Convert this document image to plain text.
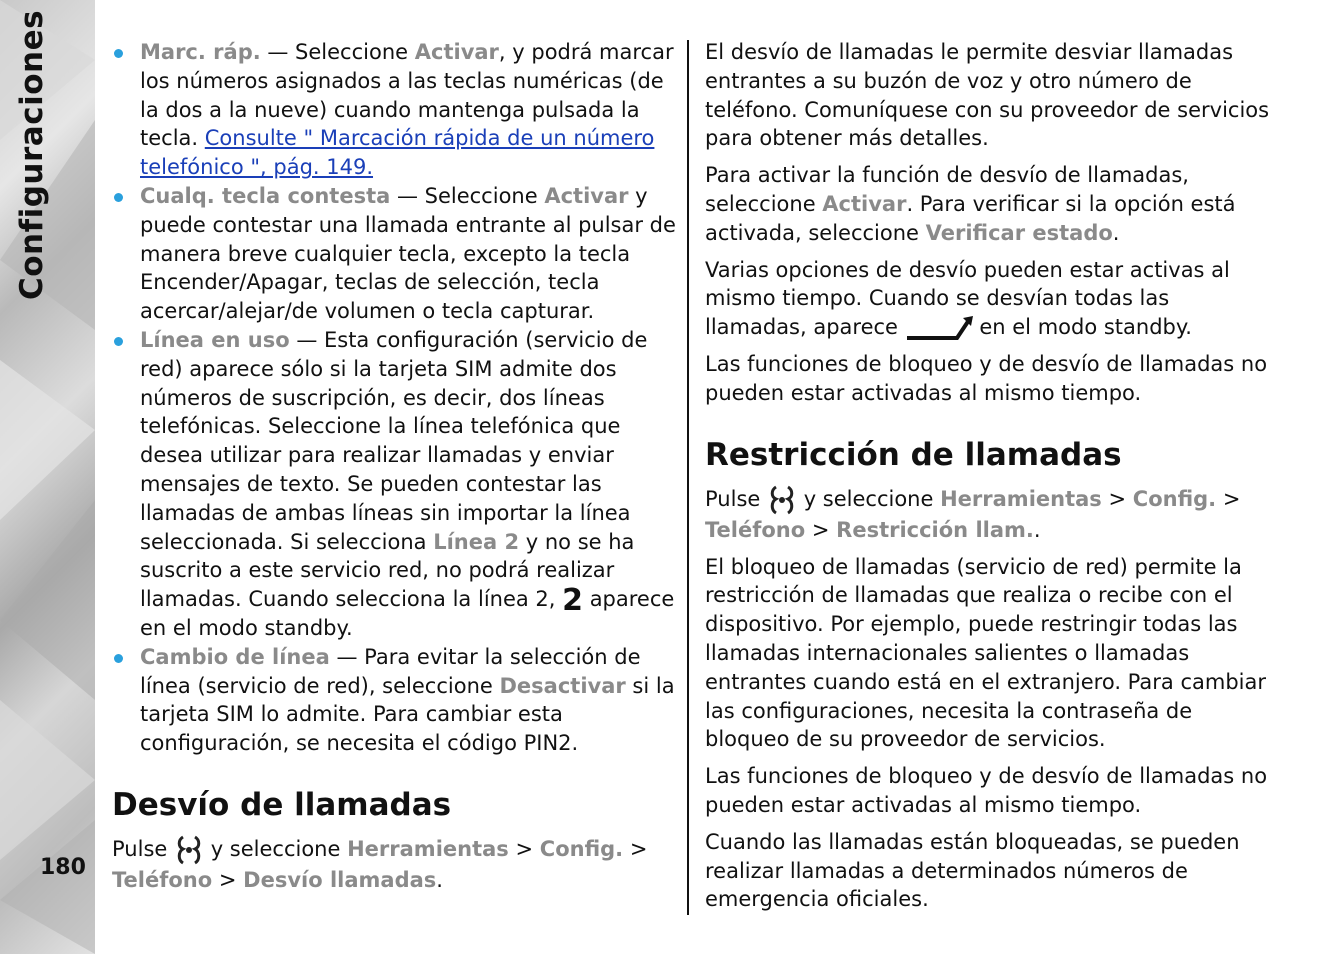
Configuraciones
180
Marc. ráp. — Seleccione Activar, y podrá marcar los números asignados a las teclas numéricas (de la dos a la nueve) cuando mantenga pulsada la tecla. Consulte " Marcación rápida de un número telefónico ", pág. 149.
Cualq. tecla contesta — Seleccione Activar y puede contestar una llamada entrante al pulsar de manera breve cualquier tecla, excepto la tecla Encender/Apagar, teclas de selección, tecla acercar/alejar/de volumen o tecla capturar.
Línea en uso — Esta configuración (servicio de red) aparece sólo si la tarjeta SIM admite dos números de suscripción, es decir, dos líneas telefónicas. Seleccione la línea telefónica que desea utilizar para realizar llamadas y enviar mensajes de texto. Se pueden contestar las llamadas de ambas líneas sin importar la línea seleccionada. Si selecciona Línea 2 y no se ha suscrito a este servicio red, no podrá realizar llamadas. Cuando selecciona la línea 2, 2 aparece en el modo standby.
Cambio de línea — Para evitar la selección de línea (servicio de red), seleccione Desactivar si la tarjeta SIM lo admite. Para cambiar esta configuración, se necesita el código PIN2.
Desvío de llamadas

Pulse y seleccione Herramientas > Config. > Teléfono > Desvío llamadas.

El desvío de llamadas le permite desviar llamadas entrantes a su buzón de voz y otro número de teléfono. Comuníquese con su proveedor de servicios para obtener más detalles.

Para activar la función de desvío de llamadas, seleccione Activar. Para verificar si la opción está activada, seleccione Verificar estado.

Varias opciones de desvío pueden estar activas al mismo tiempo. Cuando se desvían todas las llamadas, aparece	en el modo standby.

Las funciones de bloqueo y de desvío de llamadas no pueden estar activadas al mismo tiempo.

Restricción de llamadas

Pulse y seleccione Herramientas > Config. > Teléfono > Restricción llam..

El bloqueo de llamadas (servicio de red) permite la restricción de llamadas que realiza o recibe con el dispositivo. Por ejemplo, puede restringir todas las llamadas internacionales salientes o llamadas entrantes cuando está en el extranjero. Para cambiar las configuraciones, necesita la contraseña de bloqueo de su proveedor de servicios.

Las funciones de bloqueo y de desvío de llamadas no pueden estar activadas al mismo tiempo.

Cuando las llamadas están bloqueadas, se pueden realizar llamadas a determinados números de emergencia oficiales.
